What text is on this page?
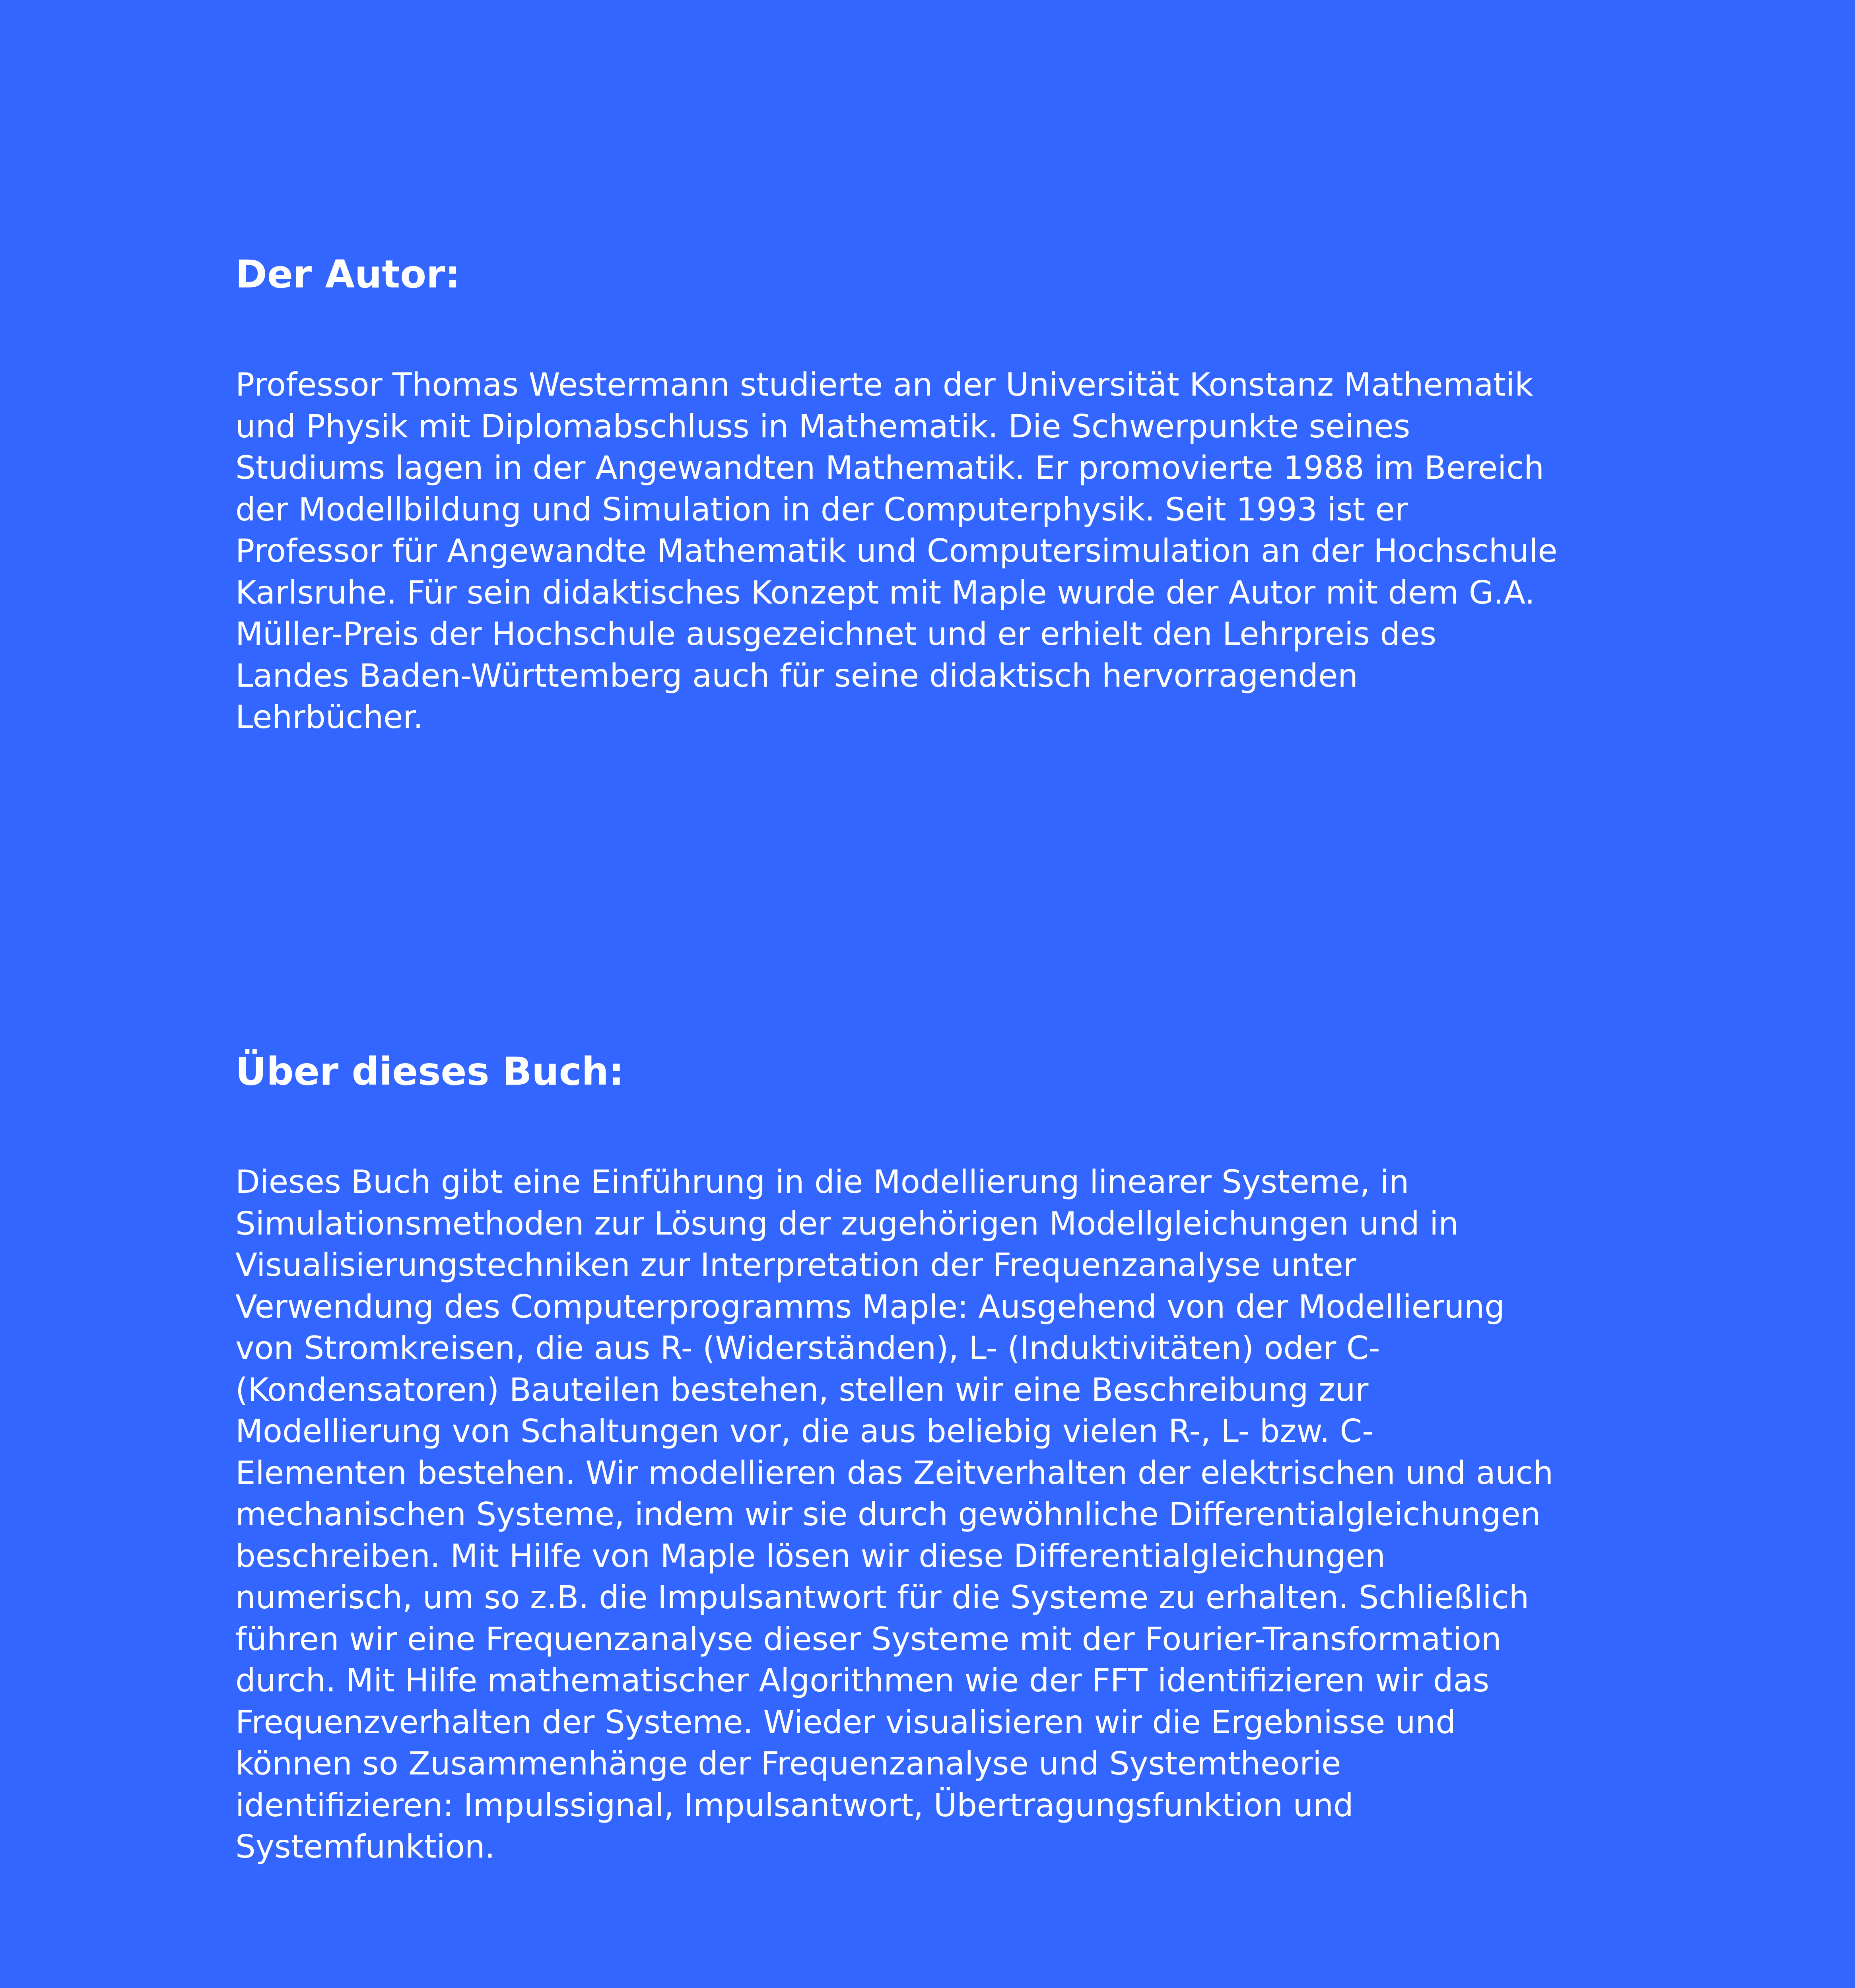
Der Autor:

Professor Thomas Westermann studierte an der Universität Konstanz Mathematik
und Physik mit Diplomabschluss in Mathematik. Die Schwerpunkte seines
Studiums lagen in der Angewandten Mathematik. Er promovierte 1988 im Bereich
der Modellbildung und Simulation in der Computerphysik. Seit 1993 ist er
Professor für Angewandte Mathematik und Computersimulation an der Hochschule
Karlsruhe. Für sein didaktisches Konzept mit Maple wurde der Autor mit dem G.A.
Müller-Preis der Hochschule ausgezeichnet und er erhielt den Lehrpreis des
Landes Baden-Württemberg auch für seine didaktisch hervorragenden
Lehrbücher.

Über dieses Buch:

Dieses Buch gibt eine Einführung in die Modellierung linearer Systeme, in
Simulationsmethoden zur Lösung der zugehörigen Modellgleichungen und in
Visualisierungstechniken zur Interpretation der Frequenzanalyse unter
Verwendung des Computerprogramms Maple: Ausgehend von der Modellierung
von Stromkreisen, die aus R- (Widerständen), L- (Induktivitäten) oder C-
(Kondensatoren) Bauteilen bestehen, stellen wir eine Beschreibung zur
Modellierung von Schaltungen vor, die aus beliebig vielen R-, L- bzw. C-
Elementen bestehen. Wir modellieren das Zeitverhalten der elektrischen und auch
mechanischen Systeme, indem wir sie durch gewöhnliche Differentialgleichungen
beschreiben. Mit Hilfe von Maple lösen wir diese Differentialgleichungen
numerisch, um so z.B. die Impulsantwort für die Systeme zu erhalten. Schließlich
führen wir eine Frequenzanalyse dieser Systeme mit der Fourier-Transformation
durch. Mit Hilfe mathematischer Algorithmen wie der FFT identifizieren wir das
Frequenzverhalten der Systeme. Wieder visualisieren wir die Ergebnisse und
können so Zusammenhänge der Frequenzanalyse und Systemtheorie
identifizieren: Impulssignal, Impulsantwort, Übertragungsfunktion und
Systemfunktion.
